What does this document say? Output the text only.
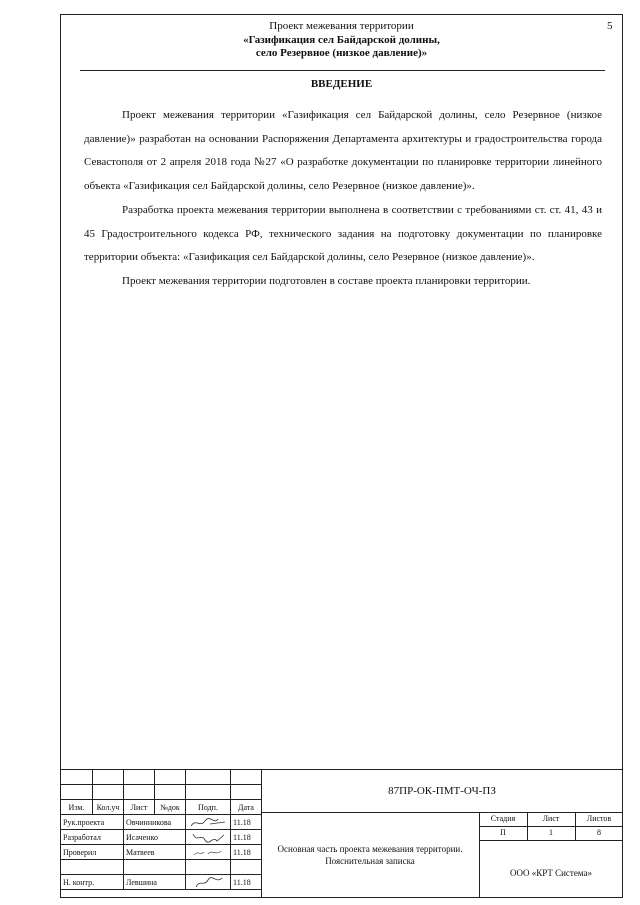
5
Проект межевания территории
«Газификация сел Байдарской долины,
село Резервное (низкое давление)»
ВВЕДЕНИЕ

Проект межевания территории «Газификация сел Байдарской долины, село Резервное (низкое давление)» разработан на основании Распоряжения Департамента архитектуры и градостроительства города Севастополя от 2 апреля 2018 года №27 «О разработке документации по планировке территории линейного объекта «Газификация сел Байдарской долины, село Резервное (низкое давление)».

Разработка проекта межевания территории выполнена в соответствии с требованиями ст. ст. 41, 43 и 45 Градостроительного кодекса РФ, технического задания на подготовку документации по планировке территории объекта: «Газификация сел Байдарской долины, село Резервное (низкое давление)».

Проект межевания территории подготовлен в составе проекта планировки территории.

Изм.	Кол.уч	Лист	№док	Подп.	Дата
Рук.проекта		Овчинникова			11.18
Разработал		Исаченко			11.18
Проверил		Матвеев			11.18

Н. контр.		Левшина			11.18
87ПР-ОК-ПМТ-ОЧ-ПЗ
Основная часть проекта межевания территории. Пояснительная записка
Стадия	Лист	Листов
П	1	8
ООО «КРТ Система»
